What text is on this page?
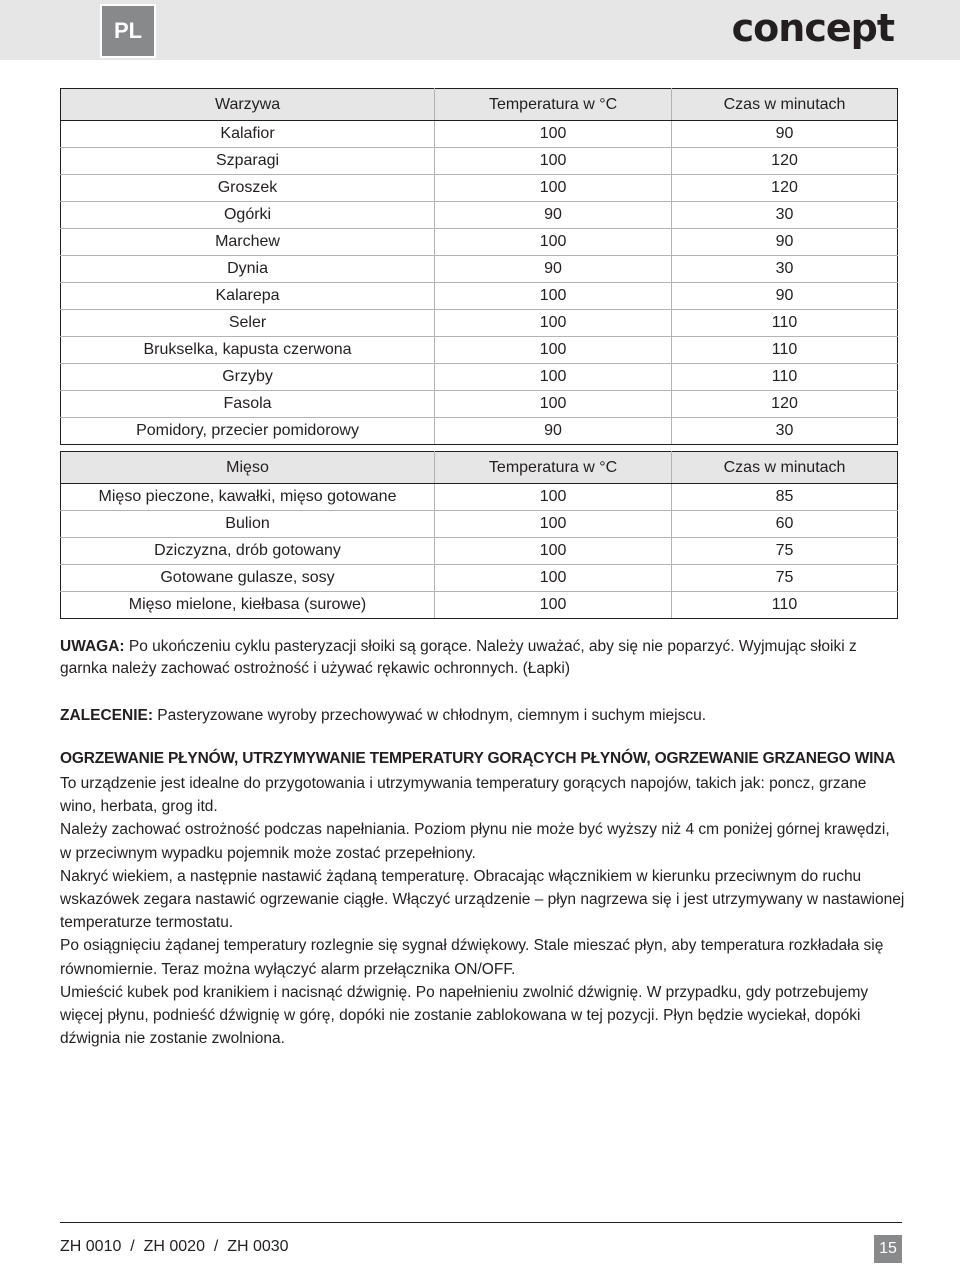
PL	concept
Warzywa	Temperatura w °C	Czas w minutach
Kalafior	100	90
Szparagi	100	120
Groszek	100	120
Ogórki	90	30
Marchew	100	90
Dynia	90	30
Kalarepa	100	90
Seler	100	110
Brukselka, kapusta czerwona	100	110
Grzyby	100	110
Fasola	100	120
Pomidory, przecier pomidorowy	90	30
Mięso	Temperatura w °C	Czas w minutach
Mięso pieczone, kawałki, mięso gotowane	100	85
Bulion	100	60
Dziczyzna, drób gotowany	100	75
Gotowane gulasze, sosy	100	75
Mięso mielone, kiełbasa (surowe)	100	110
UWAGA: Po ukończeniu cyklu pasteryzacji słoiki są gorące. Należy uważać, aby się nie poparzyć. Wyjmując słoiki z garnka należy zachować ostrożność i używać rękawic ochronnych. (Łapki)
ZALECENIE: Pasteryzowane wyroby przechowywać w chłodnym, ciemnym i suchym miejscu.
OGRZEWANIE PŁYNÓW, UTRZYMYWANIE TEMPERATURY GORĄCYCH PŁYNÓW, OGRZEWANIE GRZANEGO WINA

To urządzenie jest idealne do przygotowania i utrzymywania temperatury gorących napojów, takich jak: poncz, grzane wino, herbata, grog itd.

Należy zachować ostrożność podczas napełniania. Poziom płynu nie może być wyższy niż 4 cm poniżej górnej krawędzi, w przeciwnym wypadku pojemnik może zostać przepełniony.

Nakryć wiekiem, a następnie nastawić żądaną temperaturę. Obracając włącznikiem w kierunku przeciwnym do ruchu wskazówek zegara nastawić ogrzewanie ciągłe. Włączyć urządzenie – płyn nagrzewa się i jest utrzymywany w nastawionej temperaturze termostatu.

Po osiągnięciu żądanej temperatury rozlegnie się sygnał dźwiękowy. Stale mieszać płyn, aby temperatura rozkładała się równomiernie. Teraz można wyłączyć alarm przełącznika ON/OFF.

Umieścić kubek pod kranikiem i nacisnąć dźwignię. Po napełnieniu zwolnić dźwignię. W przypadku, gdy potrzebujemy więcej płynu, podnieść dźwignię w górę, dopóki nie zostanie zablokowana w tej pozycji. Płyn będzie wyciekał, dopóki dźwignia nie zostanie zwolniona.

ZH 0010  /  ZH 0020  /  ZH 0030	15
